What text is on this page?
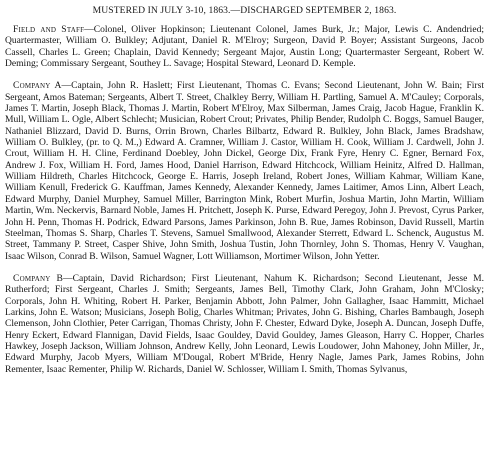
MUSTERED IN JULY 3-10, 1863.—DISCHARGED SEPTEMBER 2, 1863.
Field and Staff—Colonel, Oliver Hopkinson; Lieutenant Colonel, James Burk, Jr.; Major, Lewis C. Andendried; Quartermaster, William O. Bulkley; Adjutant, Daniel R. M'Elroy; Surgeon, David P. Boyer; Assistant Surgeons, Jacob Cassell, Charles L. Green; Chaplain, David Kennedy; Sergeant Major, Austin Long; Quartermaster Sergeant, Robert W. Deming; Commissary Sergeant, Southey L. Savage; Hospital Steward, Leonard D. Kemple.
Company A—Captain, John R. Haslett; First Lieutenant, Thomas C. Evans; Second Lieutenant, John W. Bain; First Sergeant, Amos Bateman; Sergeants, Albert T. Street, Chalkley Berry, William H. Partling, Samuel A. M'Cauley; Corporals, James T. Martin, Joseph Black, Thomas J. Martin, Robert M'Elroy, Max Silberman, James Craig, Jacob Hague, Franklin K. Mull, William L. Ogle, Albert Schlecht; Musician, Robert Crout; Privates, Philip Bender, Rudolph C. Boggs, Samuel Bauger, Nathaniel Blizzard, David D. Burns, Orrin Brown, Charles Bilbartz, Edward R. Bulkley, John Black, James Bradshaw, William O. Bulkley, (pr. to Q. M.,) Edward A. Cramner, William J. Castor, William H. Cook, William J. Cardwell, John J. Crout, William H. H. Cline, Ferdinand Doebley, John Dickel, George Dix, Frank Fyre, Henry C. Egner, Bernard Fox, Andrew J. Fox, William H. Ford, James Hood, Daniel Harrison, Edward Hitchcock, William Heinitz, Alfred D. Hallman, William Hildreth, Charles Hitchcock, George E. Harris, Joseph Ireland, Robert Jones, William Kahmar, William Kane, William Kenull, Frederick G. Kauffman, James Kennedy, Alexander Kennedy, James Laitimer, Amos Linn, Albert Leach, Edward Murphy, Daniel Murphey, Samuel Miller, Barrington Mink, Robert Murfin, Joshua Martin, John Martin, William Martin, Wm. Neckervis, Barnard Noble, James H. Pritchett, Joseph K. Purse, Edward Peregoy, John J. Prevost, Cyrus Parker, John H. Penn, Thomas H. Podrick, Edward Parsons, James Parkinson, John B. Rue, James Robinson, David Russell, Martin Steelman, Thomas S. Sharp, Charles T. Stevens, Samuel Smallwood, Alexander Sterrett, Edward L. Schenck, Augustus M. Street, Tammany P. Street, Casper Shive, John Smith, Joshua Tustin, John Thornley, John S. Thomas, Henry V. Vaughan, Isaac Wilson, Conrad B. Wilson, Samuel Wagner, Lott Williamson, Mortimer Wilson, John Yetter.
Company B—Captain, David Richardson; First Lieutenant, Nahum K. Richardson; Second Lieutenant, Jesse M. Rutherford; First Sergeant, Charles J. Smith; Sergeants, James Bell, Timothy Clark, John Graham, John M'Closky; Corporals, John H. Whiting, Robert H. Parker, Benjamin Abbott, John Palmer, John Gallagher, Isaac Hammitt, Michael Larkins, John E. Watson; Musicians, Joseph Bolig, Charles Whitman; Privates, John G. Bishing, Charles Bambaugh, Joseph Clemenson, John Clothier, Peter Carrigan, Thomas Christy, John F. Chester, Edward Dyke, Joseph A. Duncan, Joseph Duffe, Henry Eckert, Edward Flannigan, David Fields, Isaac Gouldey, David Gouldey, James Gleason, Harry C. Hopper, Charles Hawkey, Joseph Jackson, William Johnson, Andrew Kelly, John Leonard, Lewis Loudower, John Mahoney, John Miller, Jr., Edward Murphy, Jacob Myers, William M'Dougal, Robert M'Bride, Henry Nagle, James Park, James Robins, John Rementer, Isaac Rementer, Philip W. Richards, Daniel W. Schlosser, William I. Smith, Thomas Sylvanus,
